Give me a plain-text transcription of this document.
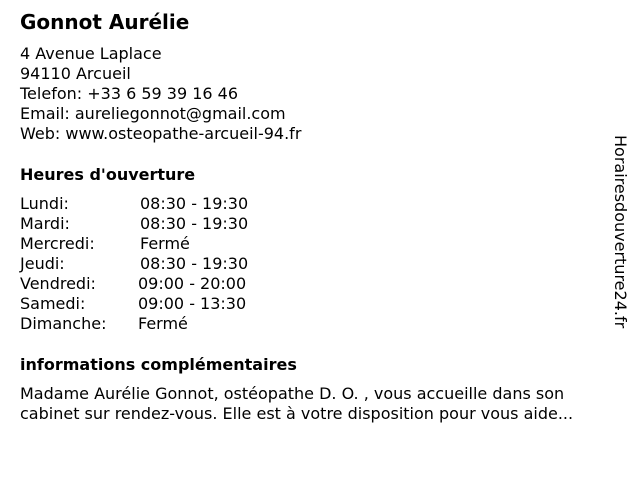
Gonnot Aurélie
4 Avenue Laplace
94110 Arcueil
Telefon: +33 6 59 39 16 46
Email: aureliegonnot@gmail.com
Web: www.osteopathe-arcueil-94.fr
Heures d'ouverture
Lundi:	08:30 - 19:30
Mardi:	08:30 - 19:30
Mercredi:	Fermé
Jeudi:	08:30 - 19:30
Vendredi:	09:00 - 20:00
Samedi:	09:00 - 13:30
Dimanche:	Fermé
informations complémentaires
Madame Aurélie Gonnot, ostéopathe D. O. , vous accueille dans son
cabinet sur rendez-vous. Elle est à votre disposition pour vous aide...
Horairesdouverture24.fr
